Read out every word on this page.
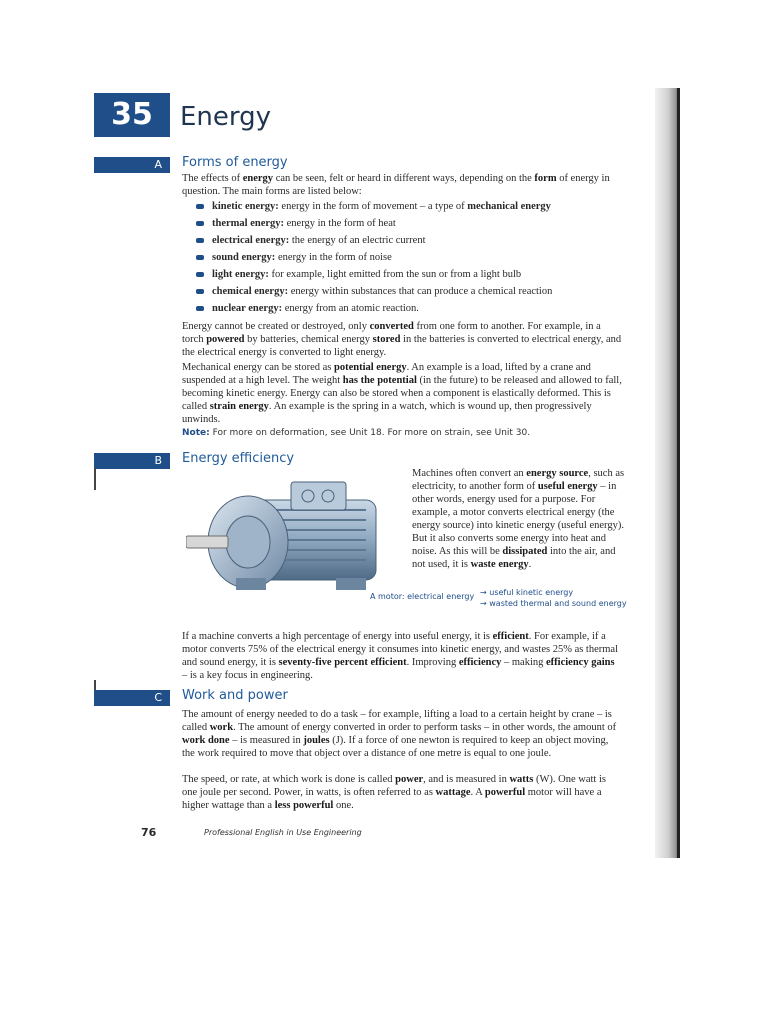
35	Energy
A	Forms of energy

The effects of energy can be seen, felt or heard in different ways, depending on the form of energy in question. The main forms are listed below:

kinetic energy: energy in the form of movement – a type of mechanical energy
thermal energy: energy in the form of heat
electrical energy: the energy of an electric current
sound energy: energy in the form of noise
light energy: for example, light emitted from the sun or from a light bulb
chemical energy: energy within substances that can produce a chemical reaction
nuclear energy: energy from an atomic reaction.

Energy cannot be created or destroyed, only converted from one form to another. For example, in a torch powered by batteries, chemical energy stored in the batteries is converted to electrical energy, and the electrical energy is converted to light energy.

Mechanical energy can be stored as potential energy. An example is a load, lifted by a crane and suspended at a high level. The weight has the potential (in the future) to be released and allowed to fall, becoming kinetic energy. Energy can also be stored when a component is elastically deformed. This is called strain energy. An example is the spring in a watch, which is wound up, then progressively unwinds.

Note: For more on deformation, see Unit 18. For more on strain, see Unit 30.
B	Energy efficiency

Machines often convert an energy source, such as electricity, to another form of useful energy – in other words, energy used for a purpose. For example, a motor converts electrical energy (the energy source) into kinetic energy (useful energy). But it also converts some energy into heat and noise. As this will be dissipated into the air, and not used, it is waste energy.

A motor: electrical energy → useful kinetic energy
→ wasted thermal and sound energy

If a machine converts a high percentage of energy into useful energy, it is efficient. For example, if a motor converts 75% of the electrical energy it consumes into kinetic energy, and wastes 25% as thermal and sound energy, it is seventy-five percent efficient. Improving efficiency – making efficiency gains – is a key focus in engineering.

C	Work and power

The amount of energy needed to do a task – for example, lifting a load to a certain height by crane – is called work. The amount of energy converted in order to perform tasks – in other words, the amount of work done – is measured in joules (J). If a force of one newton is required to keep an object moving, the work required to move that object over a distance of one metre is equal to one joule.

The speed, or rate, at which work is done is called power, and is measured in watts (W). One watt is one joule per second. Power, in watts, is often referred to as wattage. A powerful motor will have a higher wattage than a less powerful one.

76	Professional English in Use Engineering
